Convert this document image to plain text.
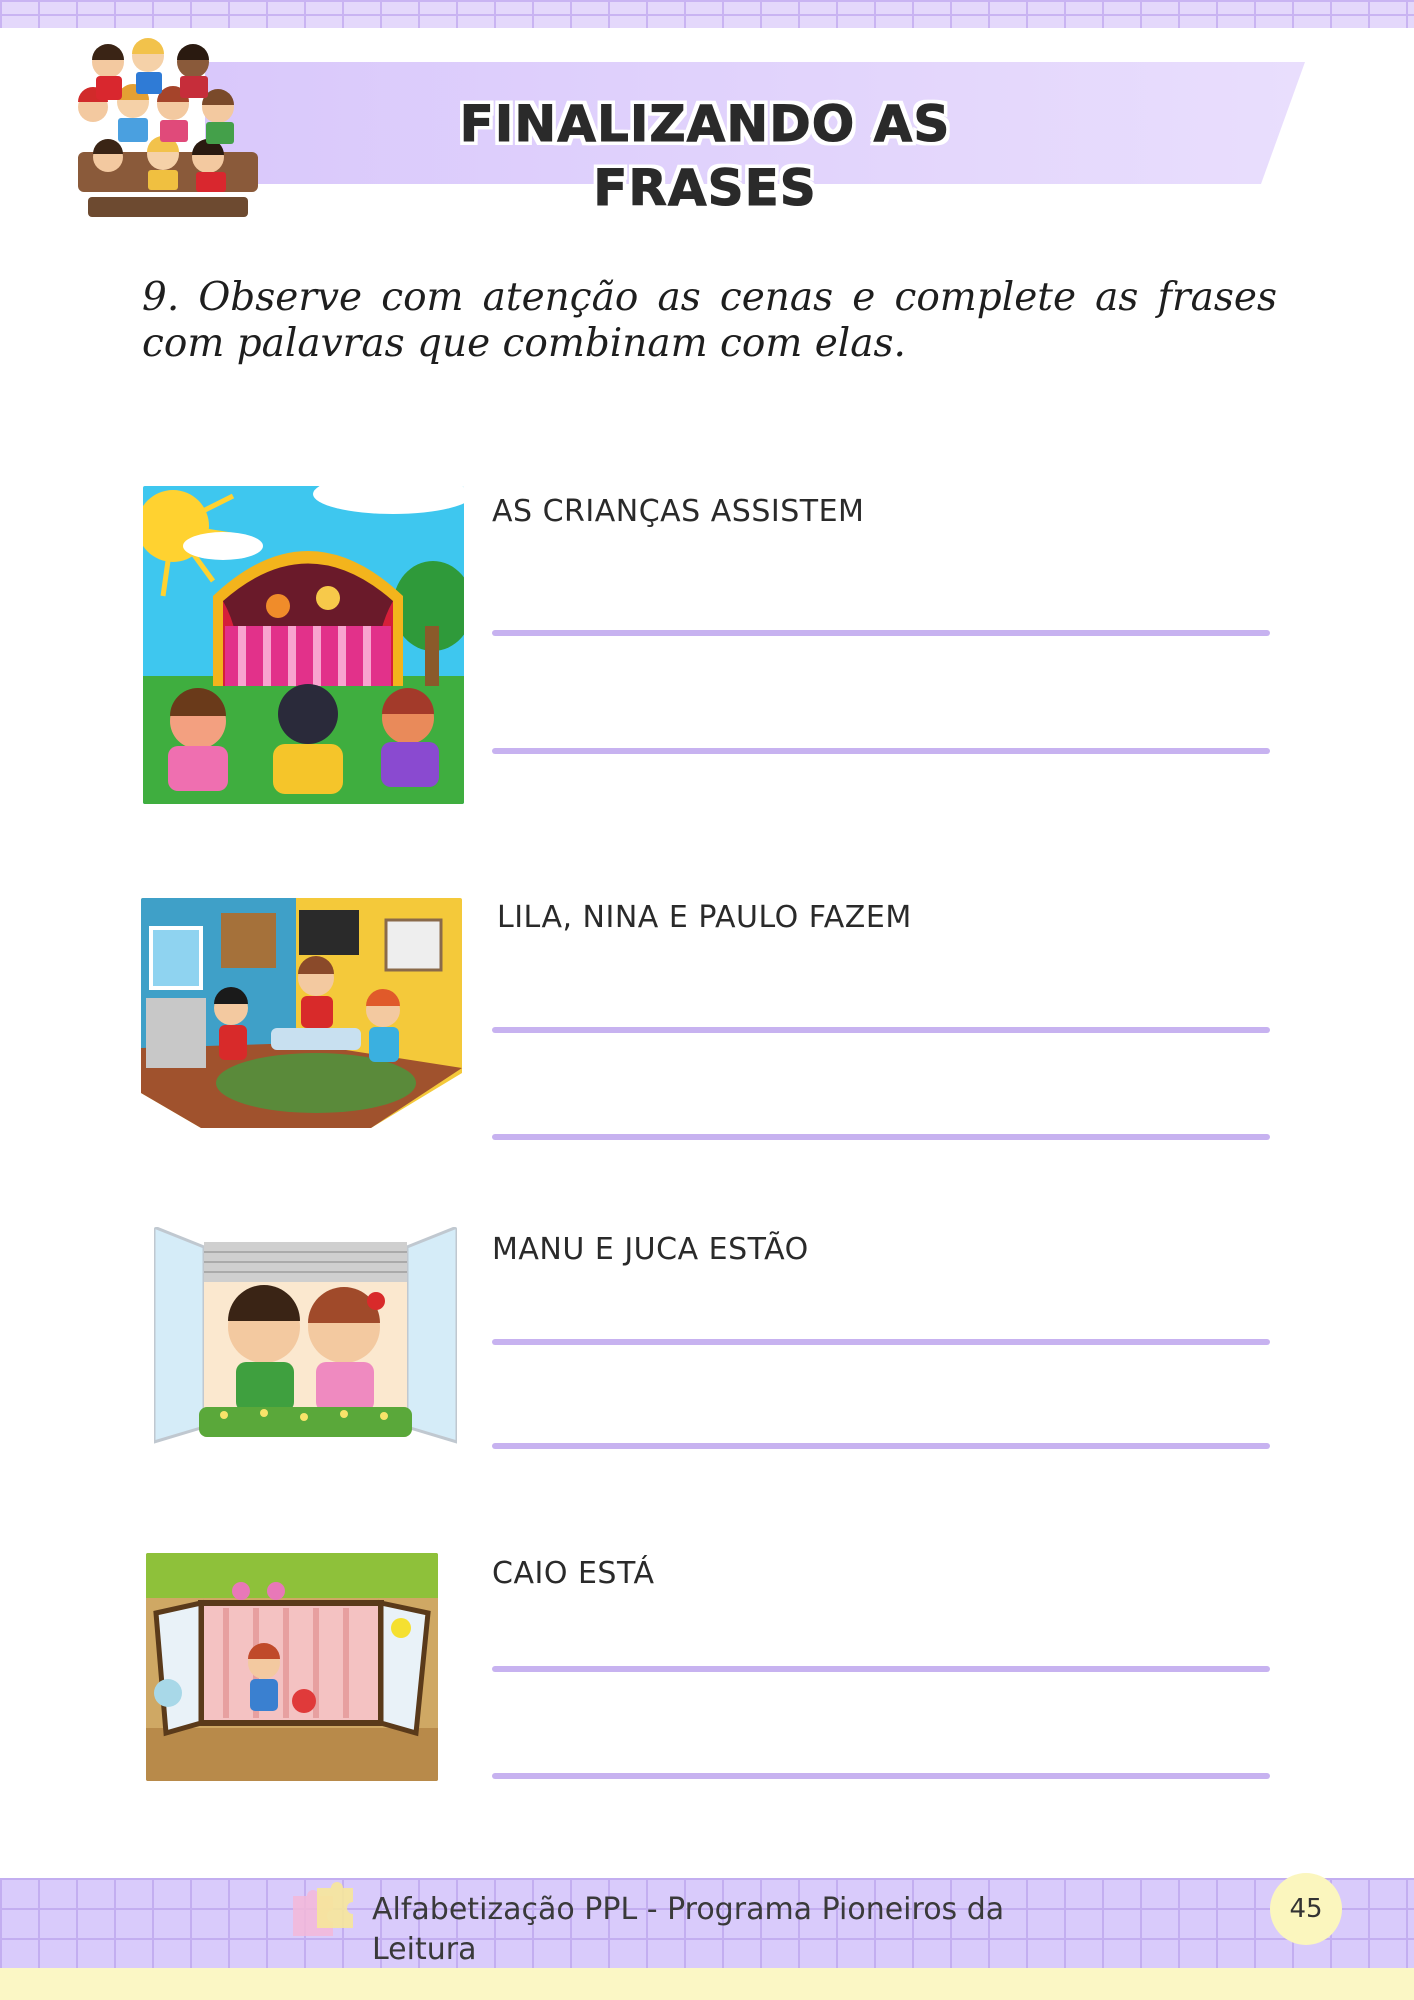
FINALIZANDO AS FRASES
9. Observe com atenção as cenas e complete as frases com palavras que combinam com elas.
AS CRIANÇAS ASSISTEM
LILA, NINA E PAULO FAZEM
MANU E JUCA ESTÃO
CAIO ESTÁ
Alfabetização PPL - Programa Pioneiros da Leitura
45
